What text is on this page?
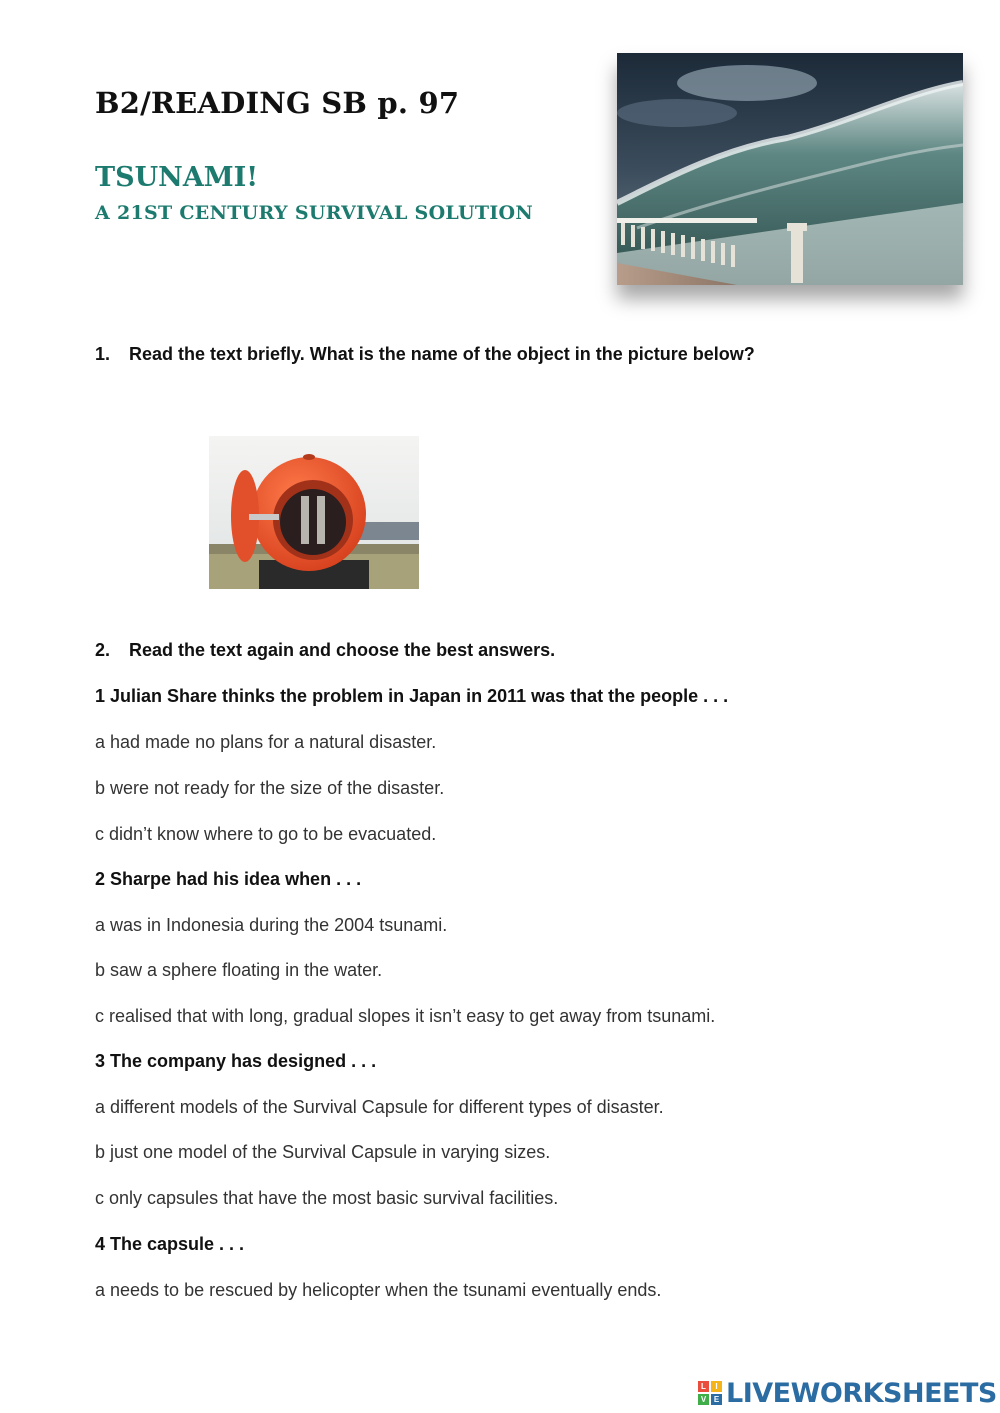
B2/READING SB p. 97
TSUNAMI!
A 21ST CENTURY SURVIVAL SOLUTION

1. Read the text briefly. What is the name of the object in the picture below?

2. Read the text again and choose the best answers.

1 Julian Share thinks the problem in Japan in 2011 was that the people . . .

a had made no plans for a natural disaster.

b were not ready for the size of the disaster.

c didn’t know where to go to be evacuated.

2 Sharpe had his idea when . . .

a was in Indonesia during the 2004 tsunami.

b saw a sphere floating in the water.

c realised that with long, gradual slopes it isn’t easy to get away from tsunami.

3 The company has designed . . .

a different models of the Survival Capsule for different types of disaster.

b just one model of the Survival Capsule in varying sizes.

c only capsules that have the most basic survival facilities.

4 The capsule . . .

a needs to be rescued by helicopter when the tsunami eventually ends.

L	I
V E LIVEWORKSHEETS
